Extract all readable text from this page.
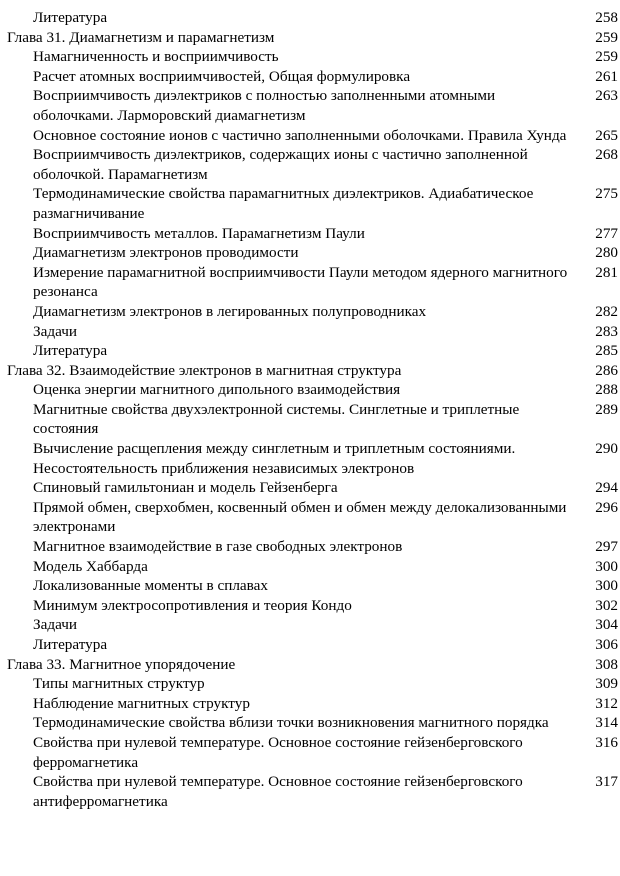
Литература	258
Глава 31. Диамагнетизм и парамагнетизм	259
Намагниченность и восприимчивость	259
Расчет атомных восприимчивостей, Общая формулировка	261
Восприимчивость диэлектриков с полностью заполненными атомными оболочками. Ларморовский диамагнетизм
263
Основное состояние ионов с частично заполненными оболочками. Правила Хунда	265
Восприимчивость диэлектриков, содержащих ионы с частично заполненной оболочкой. Парамагнетизм
268
Термодинамические свойства парамагнитных диэлектриков. Адиабатическое размагничивание
275
Восприимчивость металлов. Парамагнетизм Паули	277
Диамагнетизм электронов проводимости	280
Измерение парамагнитной восприимчивости Паули методом ядерного магнитного резонанса
281
Диамагнетизм электронов в легированных полупроводниках	282
Задачи	283
Литература	285
Глава 32. Взаимодействие электронов в магнитная структура	286
Оценка энергии магнитного дипольного взаимодействия	288
Магнитные свойства двухэлектронной системы. Синглетные и триплетные состояния
289
Вычисление расщепления между синглетным и триплетным состояниями. Несостоятельность приближения независимых электронов
290
Спиновый гамильтониан и модель Гейзенберга	294
Прямой обмен, сверхобмен, косвенный обмен и обмен между делокализованными электронами
296
Магнитное взаимодействие в газе свободных электронов	297
Модель Хаббарда	300
Локализованные моменты в сплавах	300
Минимум электросопротивления и теория Кондо	302
Задачи	304
Литература	306
Глава 33. Магнитное упорядочение	308
Типы магнитных структур	309
Наблюдение магнитных структур	312
Термодинамические свойства вблизи точки возникновения магнитного порядка	314
Свойства при нулевой температуре. Основное состояние гейзенберговского ферромагнетика
316
Свойства при нулевой температуре. Основное состояние гейзенберговского антиферромагнетика
317
